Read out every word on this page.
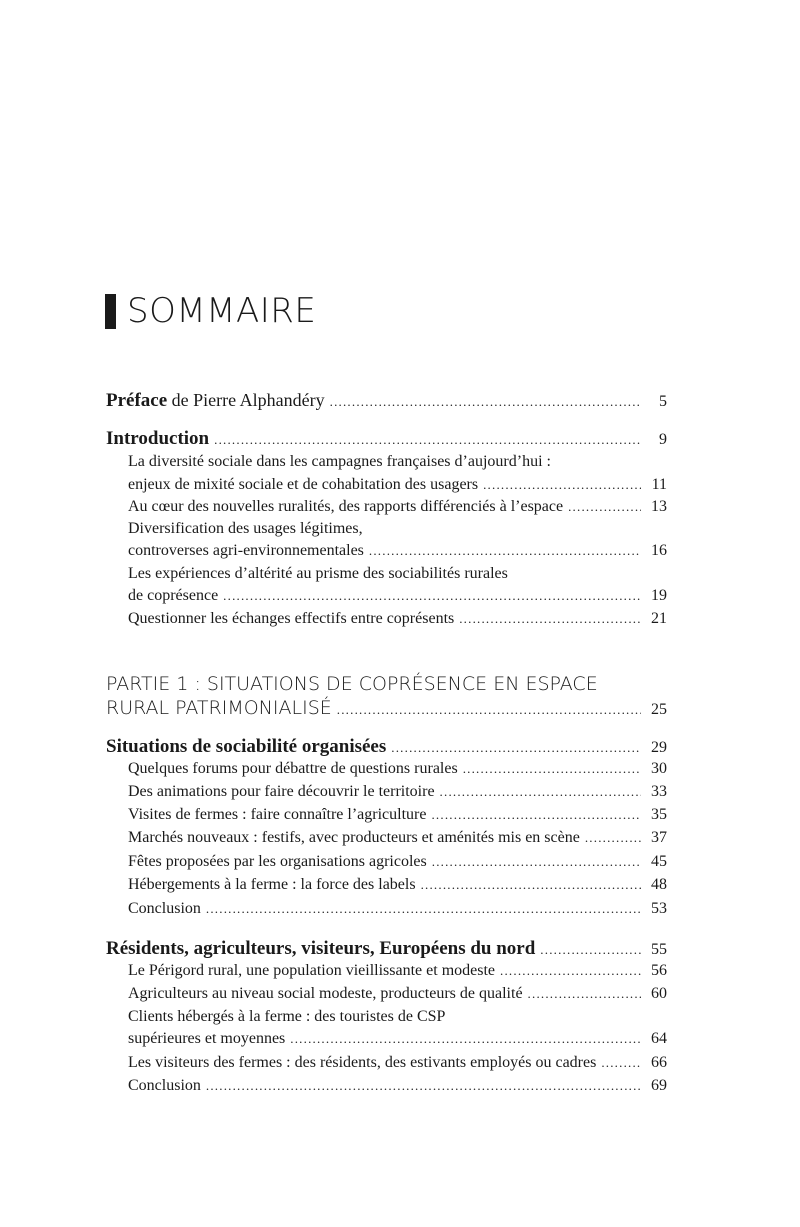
SOMMAIRE
Préface de Pierre Alphandéry .....	5
Introduction .....	9
La diversité sociale dans les campagnes françaises d’aujourd’hui :
enjeux de mixité sociale et de cohabitation des usagers .....	11
Au cœur des nouvelles ruralités, des rapports différenciés à l’espace .....	13
Diversification des usages légitimes,
controverses agri-environnementales .....	16
Les expériences d’altérité au prisme des sociabilités rurales
de coprésence .....	19
Questionner les échanges effectifs entre coprésents .....	21
PARTIE 1 : SITUATIONS DE COPRÉSENCE EN ESPACE
RURAL PATRIMONIALISÉ .....	25
Situations de sociabilité organisées .....	29
Quelques forums pour débattre de questions rurales .....	30
Des animations pour faire découvrir le territoire .....	33
Visites de fermes : faire connaître l’agriculture .....	35
Marchés nouveaux : festifs, avec producteurs et aménités mis en scène .....	37
Fêtes proposées par les organisations agricoles .....	45
Hébergements à la ferme : la force des labels .....	48
Conclusion .....	53
Résidents, agriculteurs, visiteurs, Européens du nord .....	55
Le Périgord rural, une population vieillissante et modeste .....	56
Agriculteurs au niveau social modeste, producteurs de qualité .....	60
Clients hébergés à la ferme : des touristes de CSP
supérieures et moyennes .....	64
Les visiteurs des fermes : des résidents, des estivants employés ou cadres .....	66
Conclusion .....	69
